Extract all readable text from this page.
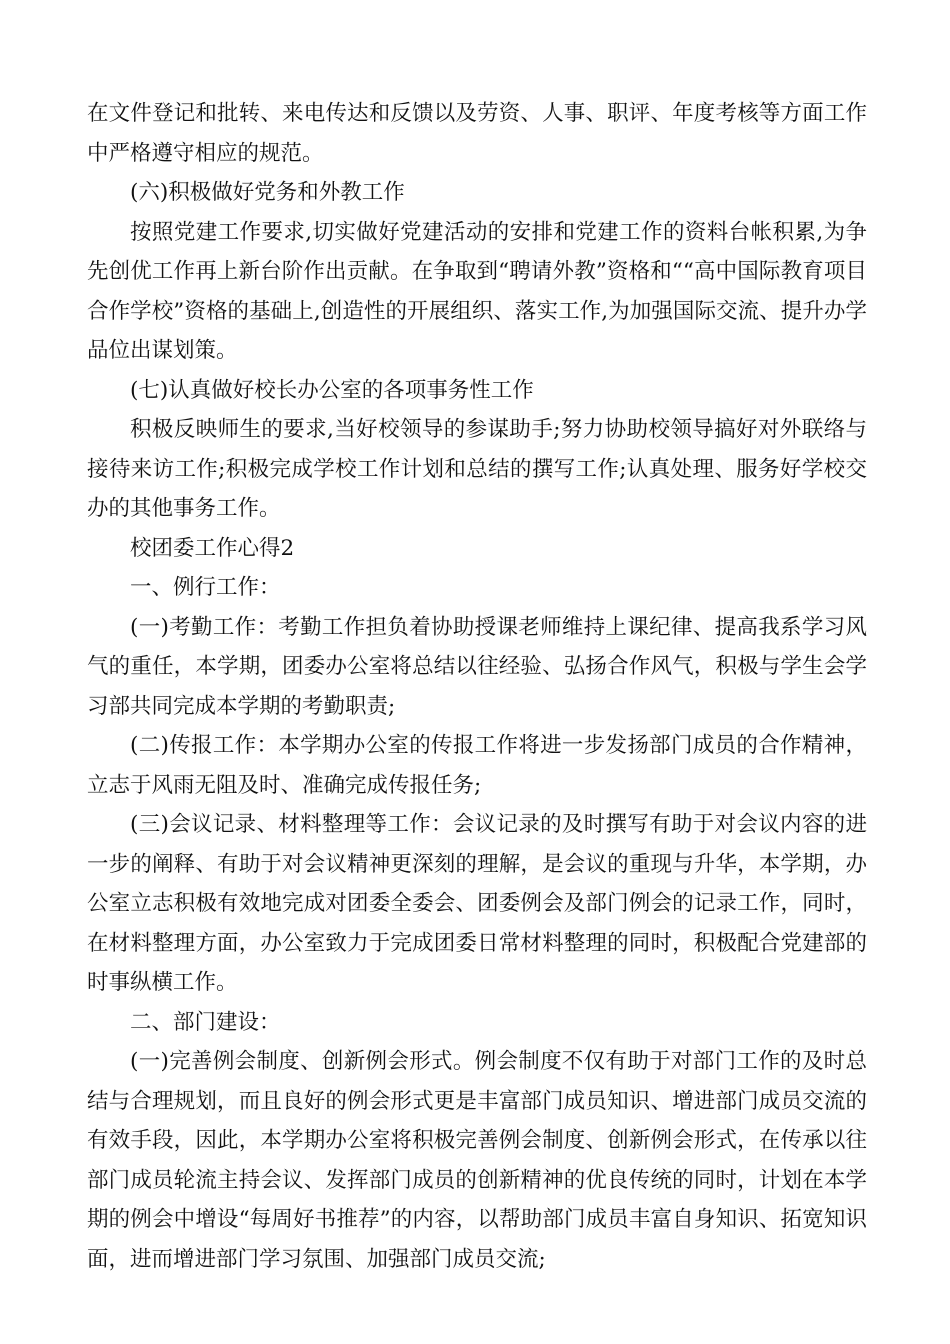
在文件登记和批转、来电传达和反馈以及劳资、人事、职评、年度考核等方面工作中严格遵守相应的规范。

(六)积极做好党务和外教工作

按照党建工作要求,切实做好党建活动的安排和党建工作的资料台帐积累,为争先创优工作再上新台阶作出贡献。在争取到“聘请外教”资格和““高中国际教育项目合作学校”资格的基础上,创造性的开展组织、落实工作,为加强国际交流、提升办学品位出谋划策。

(七)认真做好校长办公室的各项事务性工作

积极反映师生的要求,当好校领导的参谋助手;努力协助校领导搞好对外联络与接待来访工作;积极完成学校工作计划和总结的撰写工作;认真处理、服务好学校交办的其他事务工作。

校团委工作心得2

一、例行工作：

(一)考勤工作：考勤工作担负着协助授课老师维持上课纪律、提高我系学习风气的重任，本学期，团委办公室将总结以往经验、弘扬合作风气，积极与学生会学习部共同完成本学期的考勤职责;

(二)传报工作：本学期办公室的传报工作将进一步发扬部门成员的合作精神，立志于风雨无阻及时、准确完成传报任务;

(三)会议记录、材料整理等工作：会议记录的及时撰写有助于对会议内容的进一步的阐释、有助于对会议精神更深刻的理解，是会议的重现与升华，本学期，办公室立志积极有效地完成对团委全委会、团委例会及部门例会的记录工作，同时，在材料整理方面，办公室致力于完成团委日常材料整理的同时，积极配合党建部的时事纵横工作。

二、部门建设：

(一)完善例会制度、创新例会形式。例会制度不仅有助于对部门工作的及时总结与合理规划，而且良好的例会形式更是丰富部门成员知识、增进部门成员交流的有效手段，因此，本学期办公室将积极完善例会制度、创新例会形式，在传承以往部门成员轮流主持会议、发挥部门成员的创新精神的优良传统的同时，计划在本学期的例会中增设“每周好书推荐”的内容，以帮助部门成员丰富自身知识、拓宽知识面，进而增进部门学习氛围、加强部门成员交流;
